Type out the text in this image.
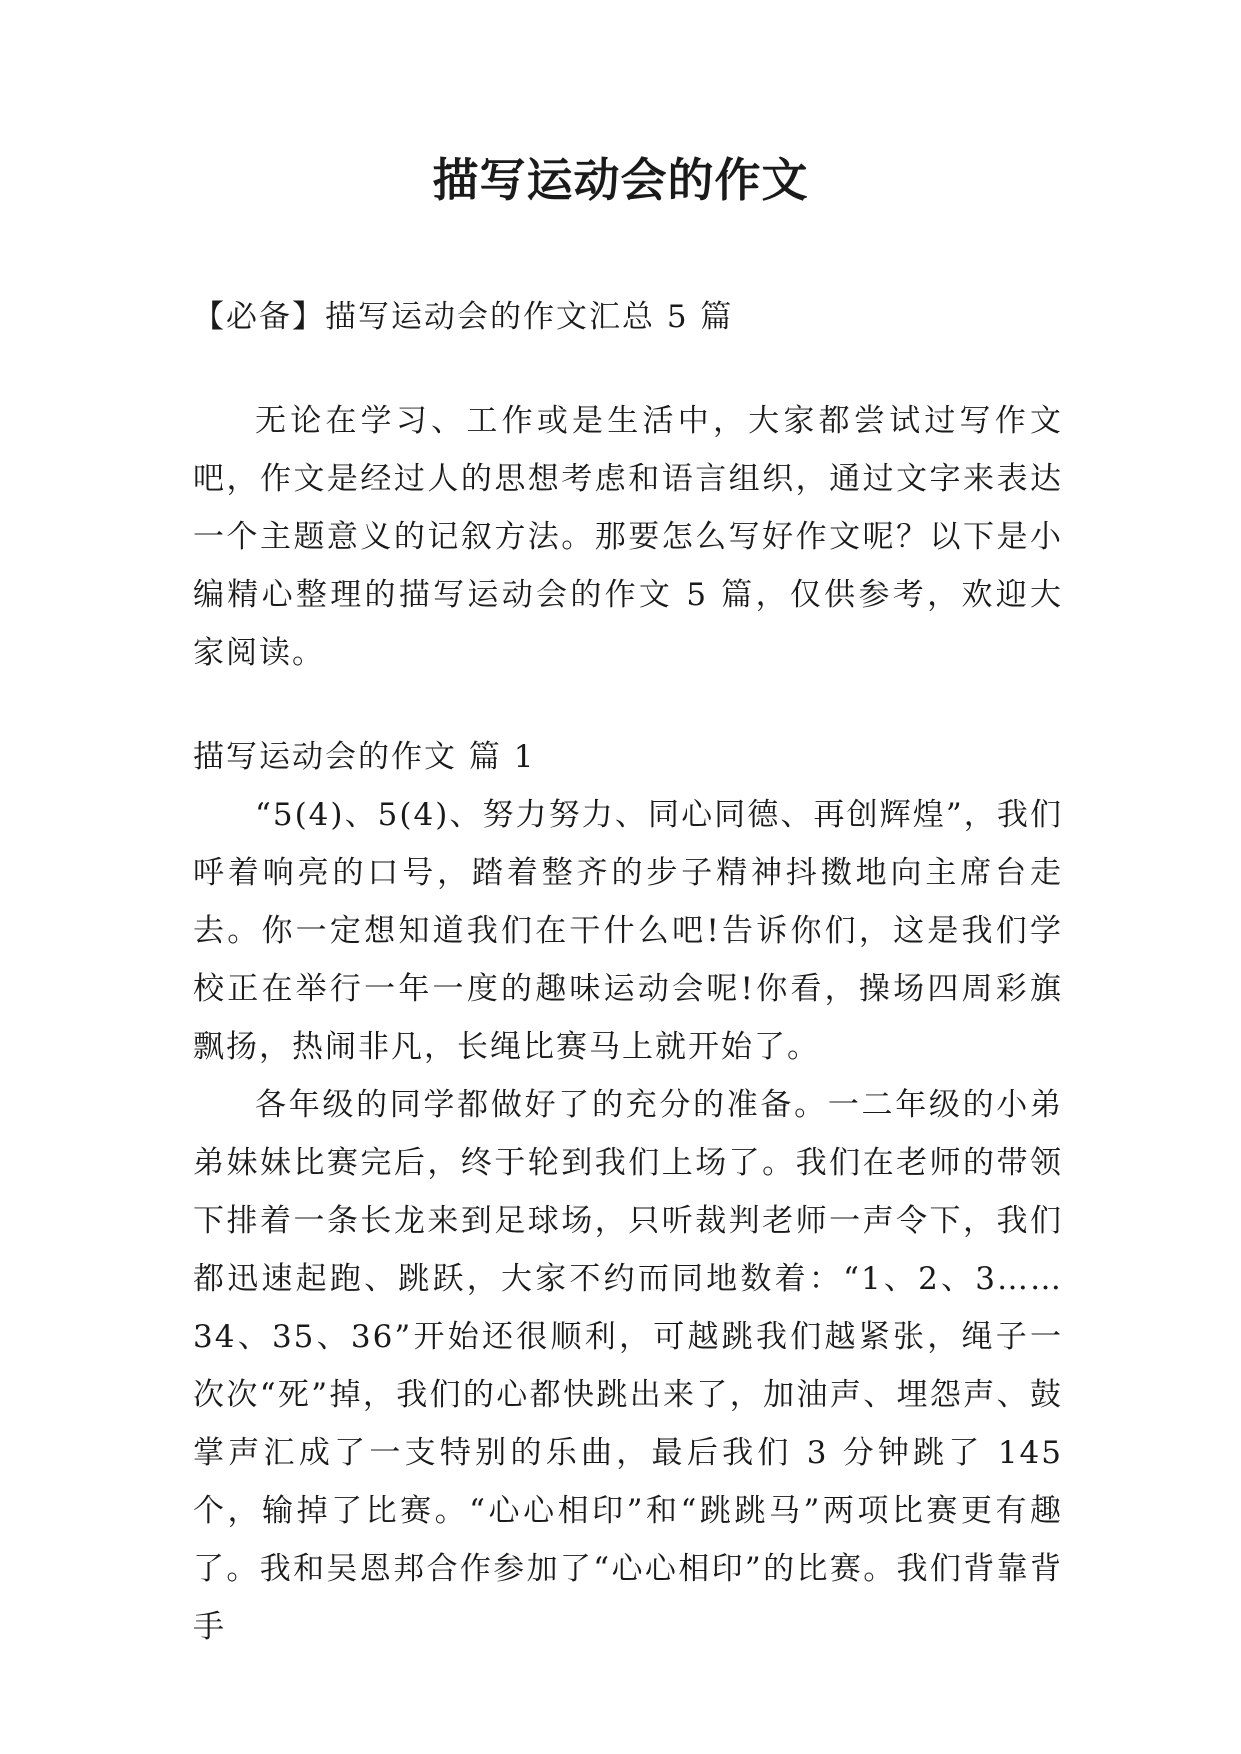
描写运动会的作文

【必备】描写运动会的作文汇总 5 篇

无论在学习、工作或是生活中，大家都尝试过写作文吧，作文是经过人的思想考虑和语言组织，通过文字来表达一个主题意义的记叙方法。那要怎么写好作文呢？以下是小编精心整理的描写运动会的作文 5 篇，仅供参考，欢迎大家阅读。

描写运动会的作文 篇 1

“5(4)、5(4)、努力努力、同心同德、再创辉煌”，我们呼着响亮的口号，踏着整齐的步子精神抖擞地向主席台走去。你一定想知道我们在干什么吧!告诉你们，这是我们学校正在举行一年一度的趣味运动会呢!你看，操场四周彩旗飘扬，热闹非凡，长绳比赛马上就开始了。

各年级的同学都做好了的充分的准备。一二年级的小弟弟妹妹比赛完后，终于轮到我们上场了。我们在老师的带领下排着一条长龙来到足球场，只听裁判老师一声令下，我们都迅速起跑、跳跃，大家不约而同地数着：“1、2、3……34、35、36”开始还很顺利，可越跳我们越紧张，绳子一次次“死”掉，我们的心都快跳出来了，加油声、埋怨声、鼓掌声汇成了一支特别的乐曲，最后我们 3 分钟跳了 145 个，输掉了比赛。“心心相印”和“跳跳马”两项比赛更有趣了。我和吴恩邦合作参加了“心心相印”的比赛。我们背靠背手
